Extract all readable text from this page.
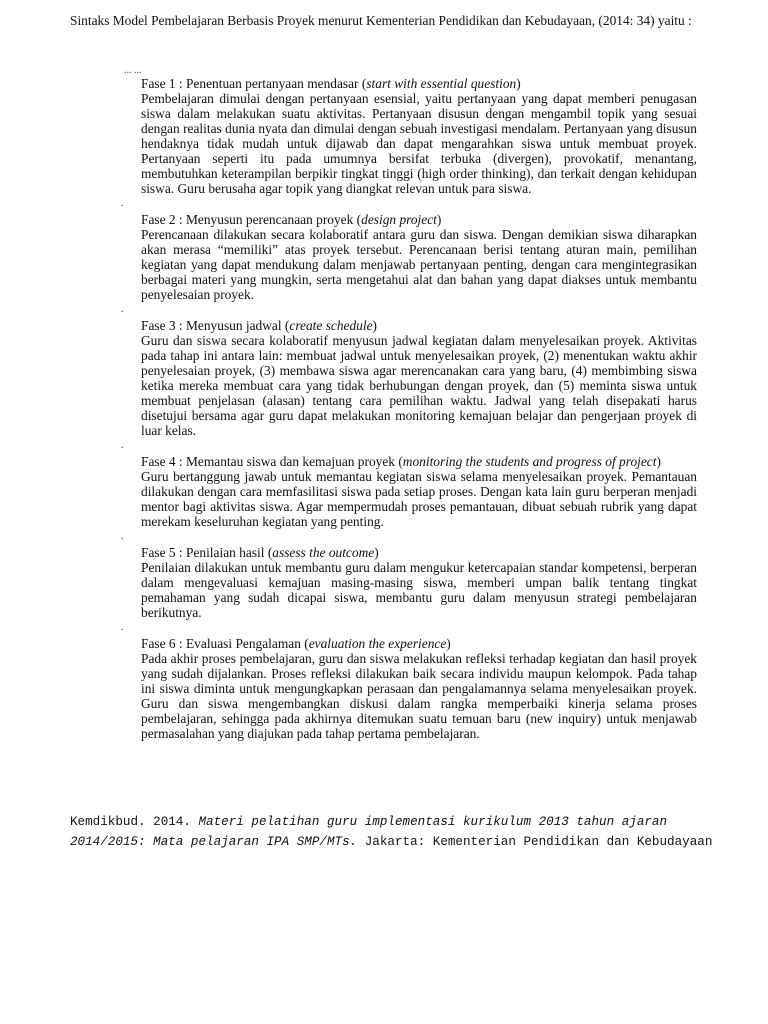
Sintaks Model Pembelajaran Berbasis Proyek menurut Kementerian Pendidikan dan Kebudayaan, (2014: 34) yaitu :
... ...

Fase 1 : Penentuan pertanyaan mendasar (start with essential question)

Pembelajaran dimulai dengan pertanyaan esensial, yaitu pertanyaan yang dapat memberi penugasan siswa dalam melakukan suatu aktivitas. Pertanyaan disusun dengan mengambil topik yang sesuai dengan realitas dunia nyata dan dimulai dengan sebuah investigasi mendalam. Pertanyaan yang disusun hendaknya tidak mudah untuk dijawab dan dapat mengarahkan siswa untuk membuat proyek. Pertanyaan seperti itu pada umumnya bersifat terbuka (divergen), provokatif, menantang, membutuhkan keterampilan berpikir tingkat tinggi (high order thinking), dan terkait dengan kehidupan siswa. Guru berusaha agar topik yang diangkat relevan untuk para siswa.

.

Fase 2 : Menyusun perencanaan proyek (design project)

Perencanaan dilakukan secara kolaboratif antara guru dan siswa. Dengan demikian siswa diharapkan akan merasa “memiliki” atas proyek tersebut. Perencanaan berisi tentang aturan main, pemilihan kegiatan yang dapat mendukung dalam menjawab pertanyaan penting, dengan cara mengintegrasikan berbagai materi yang mungkin, serta mengetahui alat dan bahan yang dapat diakses untuk membantu penyelesaian proyek.

.

Fase 3 : Menyusun jadwal (create schedule)

Guru dan siswa secara kolaboratif menyusun jadwal kegiatan dalam menyelesaikan proyek. Aktivitas pada tahap ini antara lain: membuat jadwal untuk menyelesaikan proyek, (2) menentukan waktu akhir penyelesaian proyek, (3) membawa siswa agar merencanakan cara yang baru, (4) membimbing siswa ketika mereka membuat cara yang tidak berhubungan dengan proyek, dan (5) meminta siswa untuk membuat penjelasan (alasan) tentang cara pemilihan waktu. Jadwal yang telah disepakati harus disetujui bersama agar guru dapat melakukan monitoring kemajuan belajar dan pengerjaan proyek di luar kelas.

.

Fase 4 : Memantau siswa dan kemajuan proyek (monitoring the students and progress of project)

Guru bertanggung jawab untuk memantau kegiatan siswa selama menyelesaikan proyek. Pemantauan dilakukan dengan cara memfasilitasi siswa pada setiap proses. Dengan kata lain guru berperan menjadi mentor bagi aktivitas siswa. Agar mempermudah proses pemantauan, dibuat sebuah rubrik yang dapat merekam keseluruhan kegiatan yang penting.

.

Fase 5 : Penilaian hasil (assess the outcome)

Penilaian dilakukan untuk membantu guru dalam mengukur ketercapaian standar kompetensi, berperan dalam mengevaluasi kemajuan masing-masing siswa, memberi umpan balik tentang tingkat pemahaman yang sudah dicapai siswa, membantu guru dalam menyusun strategi pembelajaran berikutnya.

.

Fase 6 : Evaluasi Pengalaman (evaluation the experience)

Pada akhir proses pembelajaran, guru dan siswa melakukan refleksi terhadap kegiatan dan hasil proyek yang sudah dijalankan. Proses refleksi dilakukan baik secara individu maupun kelompok. Pada tahap ini siswa diminta untuk mengungkapkan perasaan dan pengalamannya selama menyelesaikan proyek. Guru dan siswa mengembangkan diskusi dalam rangka memperbaiki kinerja selama proses pembelajaran, sehingga pada akhirnya ditemukan suatu temuan baru (new inquiry) untuk menjawab permasalahan yang diajukan pada tahap pertama pembelajaran.

Kemdikbud. 2014. Materi pelatihan guru implementasi kurikulum 2013 tahun ajaran 2014/2015: Mata pelajaran IPA SMP/MTs. Jakarta: Kementerian Pendidikan dan Kebudayaan
